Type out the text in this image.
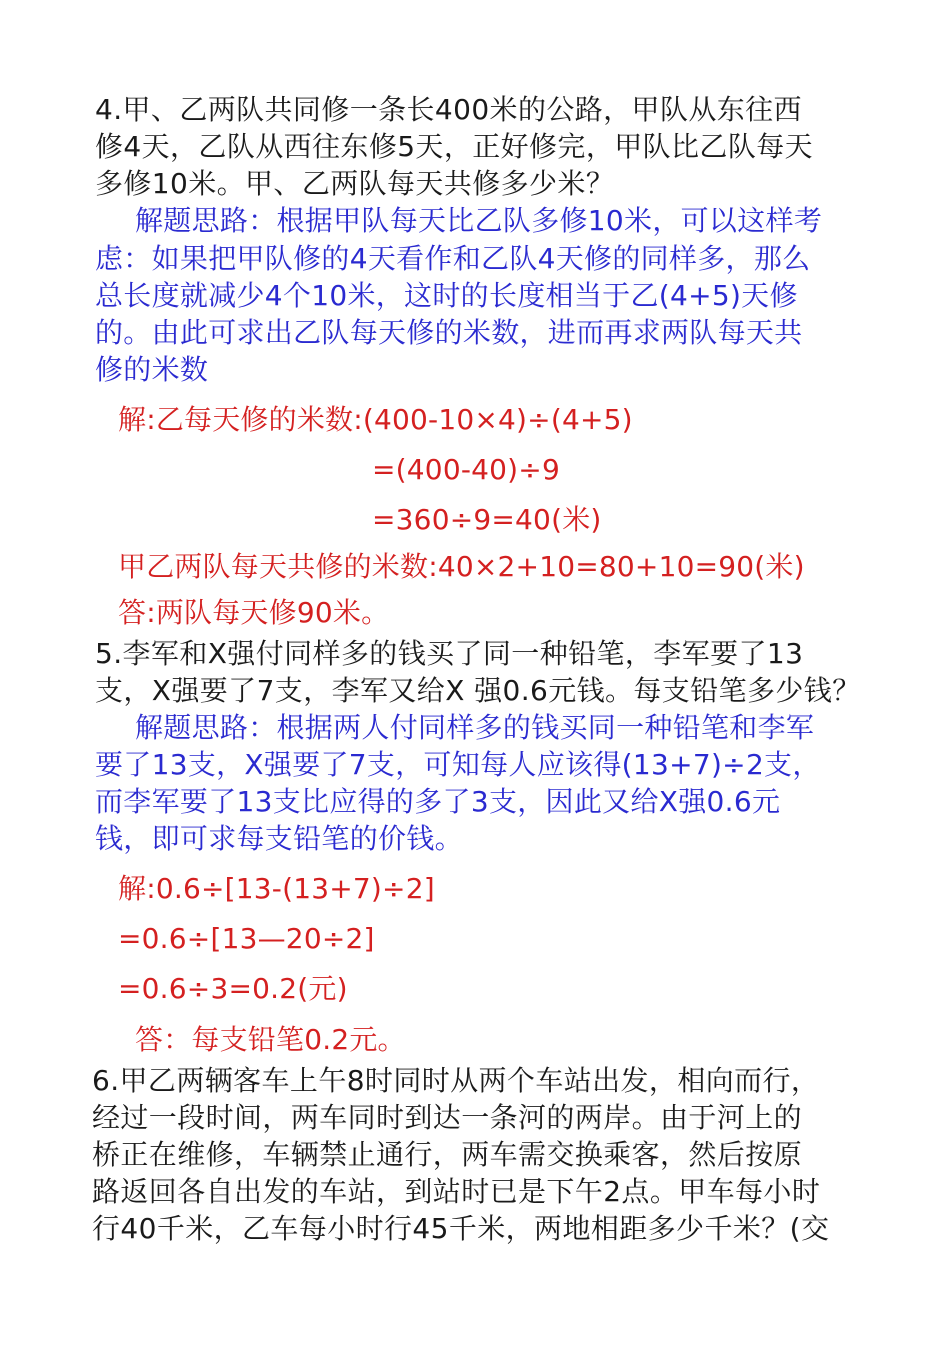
4.甲、乙两队共同修一条长400米的公路，甲队从东往西
修4天，乙队从西往东修5天，正好修完，甲队比乙队每天
多修10米。甲、乙两队每天共修多少米？
解题思路：根据甲队每天比乙队多修10米，可以这样考
虑：如果把甲队修的4天看作和乙队4天修的同样多，那么
总长度就减少4个10米，这时的长度相当于乙(4+5)天修
的。由此可求出乙队每天修的米数，进而再求两队每天共
修的米数
解:乙每天修的米数:(400-10×4)÷(4+5)
=(400-40)÷9
=360÷9=40(米)
甲乙两队每天共修的米数:40×2+10=80+10=90(米)
答:两队每天修90米。
5.李军和X强付同样多的钱买了同一种铅笔，李军要了13
支，X强要了7支，李军又给X 强0.6元钱。每支铅笔多少钱？
解题思路：根据两人付同样多的钱买同一种铅笔和李军
要了13支，X强要了7支，可知每人应该得(13+7)÷2支，
而李军要了13支比应得的多了3支，因此又给X强0.6元
钱，即可求每支铅笔的价钱。
解:0.6÷[13-(13+7)÷2]
=0.6÷[13—20÷2]
=0.6÷3=0.2(元)
答：每支铅笔0.2元。
6.甲乙两辆客车上午8时同时从两个车站出发，相向而行，
经过一段时间，两车同时到达一条河的两岸。由于河上的
桥正在维修，车辆禁止通行，两车需交换乘客，然后按原
路返回各自出发的车站，到站时已是下午2点。甲车每小时
行40千米，乙车每小时行45千米，两地相距多少千米？(交
